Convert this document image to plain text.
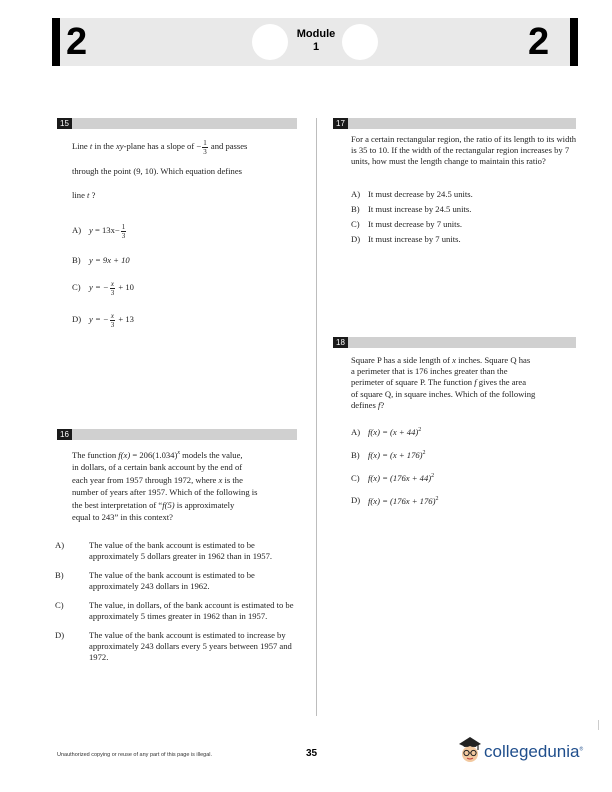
2	2
Module
1
15
Line t in the xy-plane has a slope of − $\frac{1}{3}$ and passes
through the point (9, 10). Which equation defines
line t ?
A) $y = 13x- \frac{1}{3}$
B) y = 9x + 10
C) y = − $\frac{x}{3} + 10$
D) y = − $\frac{x}{3} + 13$
16
The function $f(x) = 206(1.034)^x$ models the value,
in dollars, of a certain bank account by the end of
each year from 1957 through 1972, where x is the
number of years after 1957. Which of the following is
the best interpretation of “f(5) is approximately
equal to 243” in this context?
A)	The value of the bank account is estimated to be approximately 5 dollars greater in 1962 than in 1957.
B)	The value of the bank account is estimated to be approximately 243 dollars in 1962.
C)	The value, in dollars, of the bank account is estimated to be approximately 5 times greater in 1962 than in 1957.
D)	The value of the bank account is estimated to increase by approximately 243 dollars every 5 years between 1957 and 1972.
17
For a certain rectangular region, the ratio of its length to its width is 35 to 10. If the width of the rectangular region increases by 7 units, how must the length change to maintain this ratio?
A) It must decrease by 24.5 units.
B) It must increase by 24.5 units.
C) It must decrease by 7 units.
D) It must increase by 7 units.
18
Square P has a side length of x inches. Square Q has
a perimeter that is 176 inches greater than the
perimeter of square P. The function f gives the area
of square Q, in square inches. Which of the following
defines f?
A) $f(x) = (x + 44)^2$
B) $f(x) = (x + 176)^2$
C) $f(x) = (176x + 44)^2$
D) $f(x) = (176x + 176)^2$
Unauthorized copying or reuse of any part of this page is illegal.	35	collegedunia®
